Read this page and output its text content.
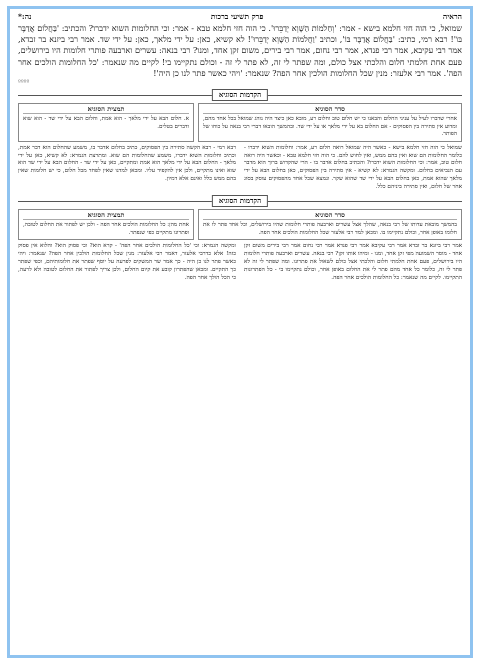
הראיה
פרק תשיעי ברכות
נה:*
שמואל, כי הוה חזי חלמא בישא - אמר: 'וְחַלֹמוֹת הַשָּׁוְא יְדַבֵּרוּ'. כי הוה חזי חלמא טבא - אמר: וכי החלומות השוא ידברו? והכתיב: 'בַּחֲלוֹם אֲדַבֶּר בּוֹ'! רבא רמי, כתיב: 'בַּחֲלוֹם אֲדַבֶּר בּוֹ', וכתיב 'וַחֲלֹמוֹת הַשָּׁוְא יְדַבֵּרוּ'! לא קשיא, כאן: על ידי מלאך, כאן: על ידי שד. אמר רבי ביזנא בר זבדא, אמר רבי עקיבא, אמר רבי פנדא, אמר רבי נחום, אמר רבי בירים, משום זקן אחד, ומנו? רבי בנאה: עשרים וארבעה פותרי חלומות היו בירושלים, פעם אחת חלמתי חלום והלכתי אצל כולם, ומה שפתר לי זה, לא פתר לי זה - וכולם נתקיימו בי! לקיים מה שנאמר: 'כל החלומות הולכים אחר הפה'. אמר רבי אלעזר: מנין שכל החלומות הולכין אחר הפה? שנאמר: 'ויהי כאשר פתר לנו כן היה'!
ºººº
הקדמות הסוגיא
סדר הסוגיא
אחרי שדברו לעיל על עניני החלום והבאנו כי יש חלום טוב וחלום רע, מובא כאן כיצד היה נוהג שמואל בכל אחד מהם, ומדוע אין סתירה בין הפסוקים - אם החלום בא על ידי מלאך או על ידי שד. ובהמשך הובאו דברי רבי בנאה על כוחו של הפותר.
תמצית הסוגיא
א. חלום הבא על ידי מלאך - הוא אמת, וחלום הבא על ידי שד - הוא שוא ודברים בטלים.
שמואל כי הוה חזי חלמא בישא - כאשר היה שמואל רואה חלום רע, אמר: וחלומות השוא ידברו - כלומר החלומות הם שוא ואין בהם ממש, ואין לחוש להם. כי הוה חזי חלמא טבא - וכאשר היה רואה חלום טוב, אמר: וכי החלומות השוא ידברו? והכתיב בחלום אדבר בו - הרי שהקדוש ברוך הוא מדבר עם הנביאים בחלום. ומקשה הגמרא: לא קשיא - אין סתירה בין הפסוקים, כאן בחלום הבא על ידי מלאך שהוא אמת, כאן בחלום הבא על ידי שד שהוא שקר. ונמצא שכל אחד מהפסוקים עוסק בסוג אחר של חלום, ואין סתירה ביניהם כלל.
רבא רמי - רבא הקשה סתירה בין הפסוקים, כתיב בחלום אדבר בו, משמע שהחלום הוא דבר אמת, וכתיב וחלומות השוא ידברו, משמע שהחלומות הם שוא. ומתרצת הגמרא: לא קשיא, כאן על ידי מלאך - החלום הבא על ידי מלאך הוא אמת ומתקיים, כאן על ידי שד - החלום הבא על ידי שד הוא שוא ואינו מתקיים, ולכן אין להקפיד עליו. ומכאן למדנו שאין לפחד מכל חלום, כי יש חלומות שאין בהם ממש כלל ואינם אלא דמיון.
הקדמות הסוגיא
סדר הסוגיא
בהמשך מובאת עדותו של רבי בנאה, שהלך אצל עשרים וארבעה פותרי חלומות שהיו בירושלים, וכל אחד פתר לו את חלומו באופן אחר, וכולם נתקיימו בו. ומכאן למד רבי אלעזר שכל החלומות הולכים אחר הפה.
תמצית הסוגיא
אחת מהן: כל החלומות הולכים אחר הפה - ולכן יש לפתור את החלום לטובה, ופתרונו מתקיים כפי שנפתר.
אמר רבי ביזנא בר זבדא אמר רבי עקיבא אמר רבי פנדא אמר רבי נחום אמר רבי בירים משום זקן אחד - מוסר השמועה מפי זקן אחד, ומנו - ומיהו אותו זקן? רבי בנאה. עשרים וארבעה פותרי חלומות היו בירושלים, פעם אחת חלמתי חלום והלכתי אצל כולם לשאול את פתרונו. ומה שפתר לי זה לא פתר לי זה, כלומר כל אחד מהם פתר לי את החלום באופן אחר, וכולם נתקיימו בי - כל הפתרונות התקיימו. לקיים מה שנאמר: כל החלומות הולכים אחר הפה.
ומקשה הגמרא: וכי 'כל החלומות הולכים אחר הפה' - קרא הוא? וכי פסוק הוא? והלוא אין פסוק כזה! אלא כדרבי אלעזר, דאמר רבי אלעזר: מנין שכל החלומות הולכין אחר הפה? שנאמר: ויהי כאשר פתר לנו כן היה - כך אמר שר המשקים לפרעה על יוסף שפתר את חלומותיהם, וכפי שפתר כך התקיים. ומכאן שהפתרון קובע את קיום החלום, ולכן צריך לפתור את החלום לטובה ולא לרעה, כי הכל הולך אחר הפה.
